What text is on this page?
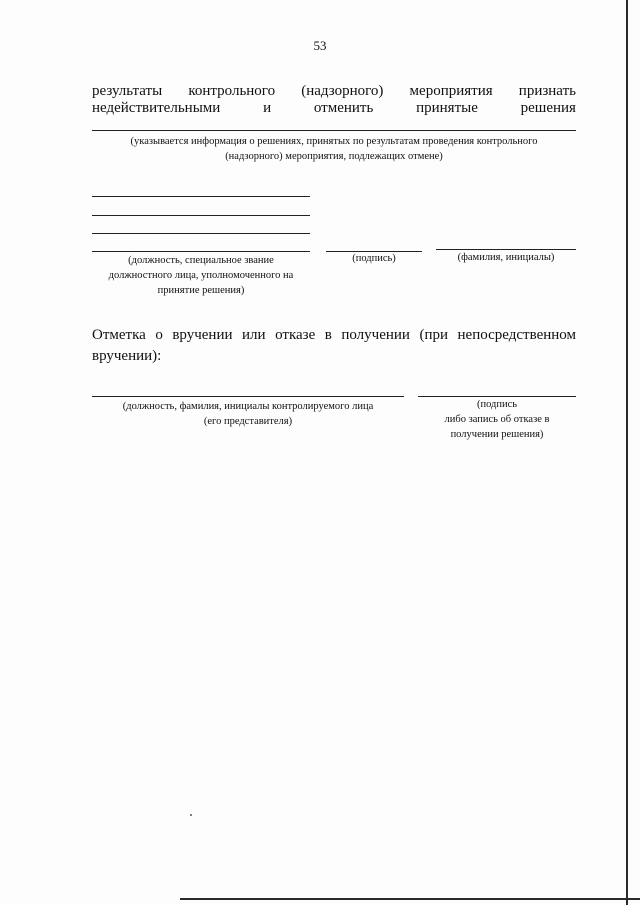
53
результаты контрольного (надзорного) мероприятия признать
недействительными	и	отменить	принятые	решения
(указывается информация о решениях, принятых по результатам проведения контрольного
(надзорного) мероприятия, подлежащих отмене)
(должность, специальное звание
должностного лица, уполномоченного на
принятие решения)
(подпись)	(фамилия, инициалы)
Отметка о вручении или отказе в получении (при непосредственном вручении):
(должность, фамилия, инициалы контролируемого лица
(его представителя)
(подпись
либо запись об отказе в
получении решения)
